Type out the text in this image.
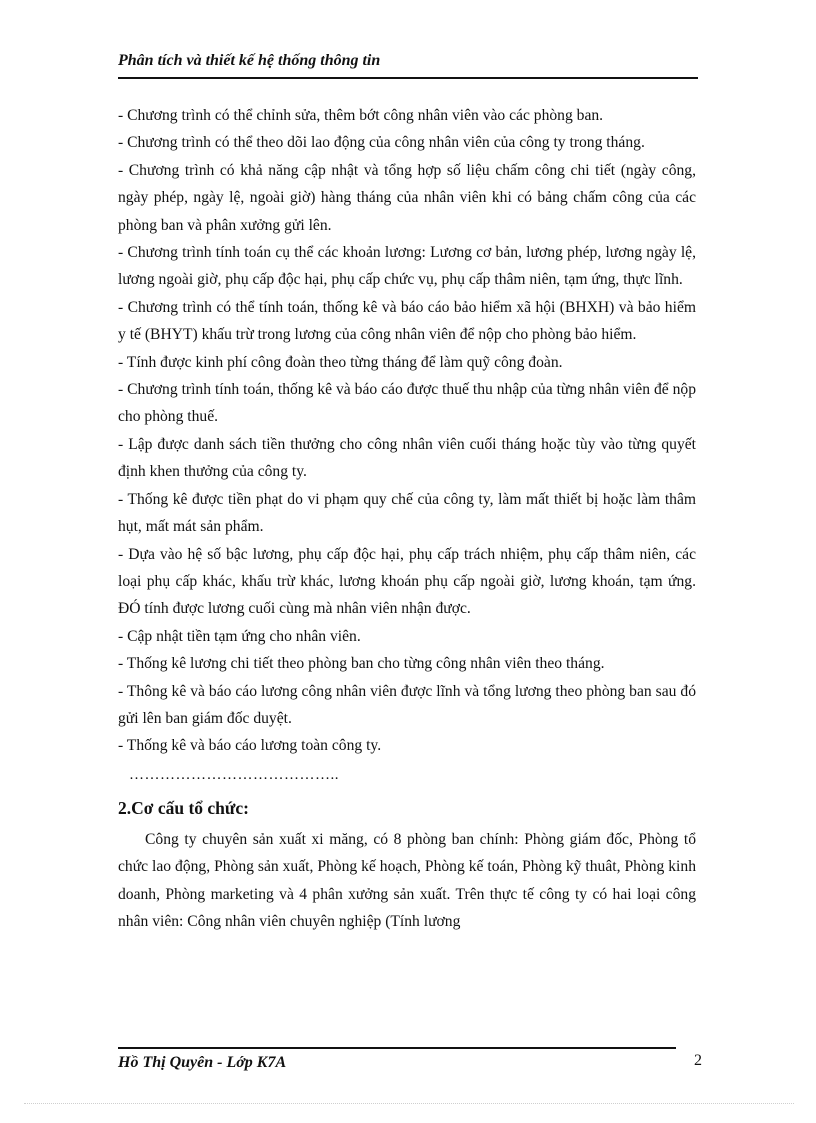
Phân tích và thiết kế hệ thống thông tin

- Chương trình có thể chỉnh sửa, thêm bớt công nhân viên vào các phòng ban.

- Chương trình có thể theo dõi lao động của công nhân viên của công ty trong tháng.

- Chương trình có khả năng cập nhật và tổng hợp số liệu chấm công chi tiết (ngày công, ngày phép, ngày lệ, ngoài giờ) hàng tháng của nhân viên khi có bảng chấm công của các phòng ban và phân xưởng gửi lên.

- Chương trình tính toán cụ thể các khoản lương: Lương cơ bản, lương phép, lương ngày lệ, lương ngoài giờ, phụ cấp độc hại, phụ cấp chức vụ, phụ cấp thâm niên, tạm ứng, thực lĩnh.

- Chương trình có thể tính toán, thống kê và báo cáo bảo hiểm xã hội (BHXH) và bảo hiểm y tế (BHYT) khấu trừ trong lương của công nhân viên để nộp cho phòng bảo hiểm.

- Tính được kinh phí công đoàn theo từng tháng để làm quỹ công đoàn.

- Chương trình tính toán, thống kê và báo cáo được thuế thu nhập của từng nhân viên để nộp cho phòng thuế.

- Lập được danh sách tiền thưởng cho công nhân viên cuối tháng hoặc tùy vào từng quyết định khen thưởng của công ty.

- Thống kê được tiền phạt do vi phạm quy chế của công ty, làm mất thiết bị hoặc làm thâm hụt, mất mát sản phẩm.

- Dựa vào hệ số bậc lương, phụ cấp độc hại, phụ cấp trách nhiệm, phụ cấp thâm niên, các loại phụ cấp khác, khấu trừ khác, lương khoán phụ cấp ngoài giờ, lương khoán, tạm ứng. ĐÓ tính được lương cuối cùng mà nhân viên nhận được.

- Cập nhật tiền tạm ứng cho nhân viên.

- Thống kê lương chi tiết theo phòng ban cho từng công nhân viên theo tháng.

- Thông kê và báo cáo lương công nhân viên được lĩnh và tổng lương theo phòng ban sau đó gửi lên ban giám đốc duyệt.

- Thống kê và báo cáo lương toàn công ty.

…………………………………..
2.Cơ cấu tổ chức:

Công ty chuyên sản xuất xi măng, có 8 phòng ban chính: Phòng giám đốc, Phòng tổ chức lao động, Phòng sản xuất, Phòng kế hoạch, Phòng kế toán, Phòng kỹ thuât, Phòng kinh doanh, Phòng marketing và 4 phân xưởng sản xuất. Trên thực tế công ty có hai loại công nhân viên: Công nhân viên chuyên nghiệp (Tính lương

Hồ Thị Quyên - Lớp K7A	2
